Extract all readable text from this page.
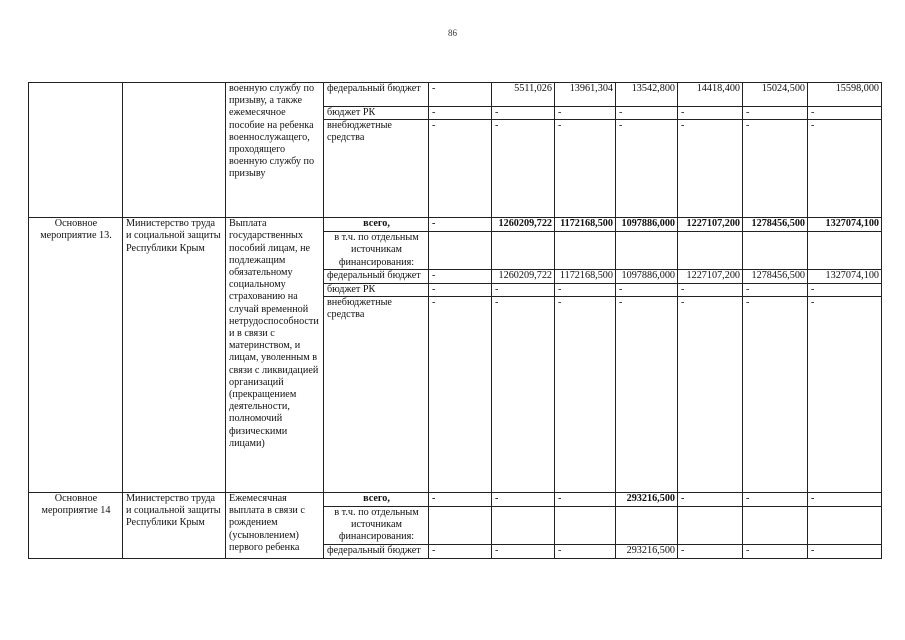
86
		военную службу по призыву, а также ежемесячное пособие на ребенка военнослужащего, проходящего военную службу по призыву	федеральный бюджет	-	5511,026	13961,304	13542,800	14418,400	15024,500	15598,000
			бюджет РК	-	-	-	-	-	-	-
			внебюджетные средства	-	-	-	-	-	-	-
Основное мероприятие 13.	Министерство труда и социальной защиты Республики Крым	Выплата государственных пособий лицам, не подлежащим обязательному социальному страхованию на случай временной нетрудоспособности и в связи с материнством, и лицам, уволенным в связи с ликвидацией организаций (прекращением деятельности, полномочий физическими лицами)	всего,	-	1260209,722	1172168,500	1097886,000	1227107,200	1278456,500	1327074,100
			в т.ч. по отдельным источникам финансирования:							
			федеральный бюджет	-	1260209,722	1172168,500	1097886,000	1227107,200	1278456,500	1327074,100
			бюджет РК	-	-	-	-	-	-	-
			внебюджетные средства	-	-	-	-	-	-	-
Основное мероприятие 14	Министерство труда и социальной защиты Республики Крым	Ежемесячная выплата в связи с рождением (усыновлением) первого ребенка	всего,	-	-	-	293216,500	-	-	-
			в т.ч. по отдельным источникам финансирования:							
			федеральный бюджет	-	-	-	293216,500	-	-	-
